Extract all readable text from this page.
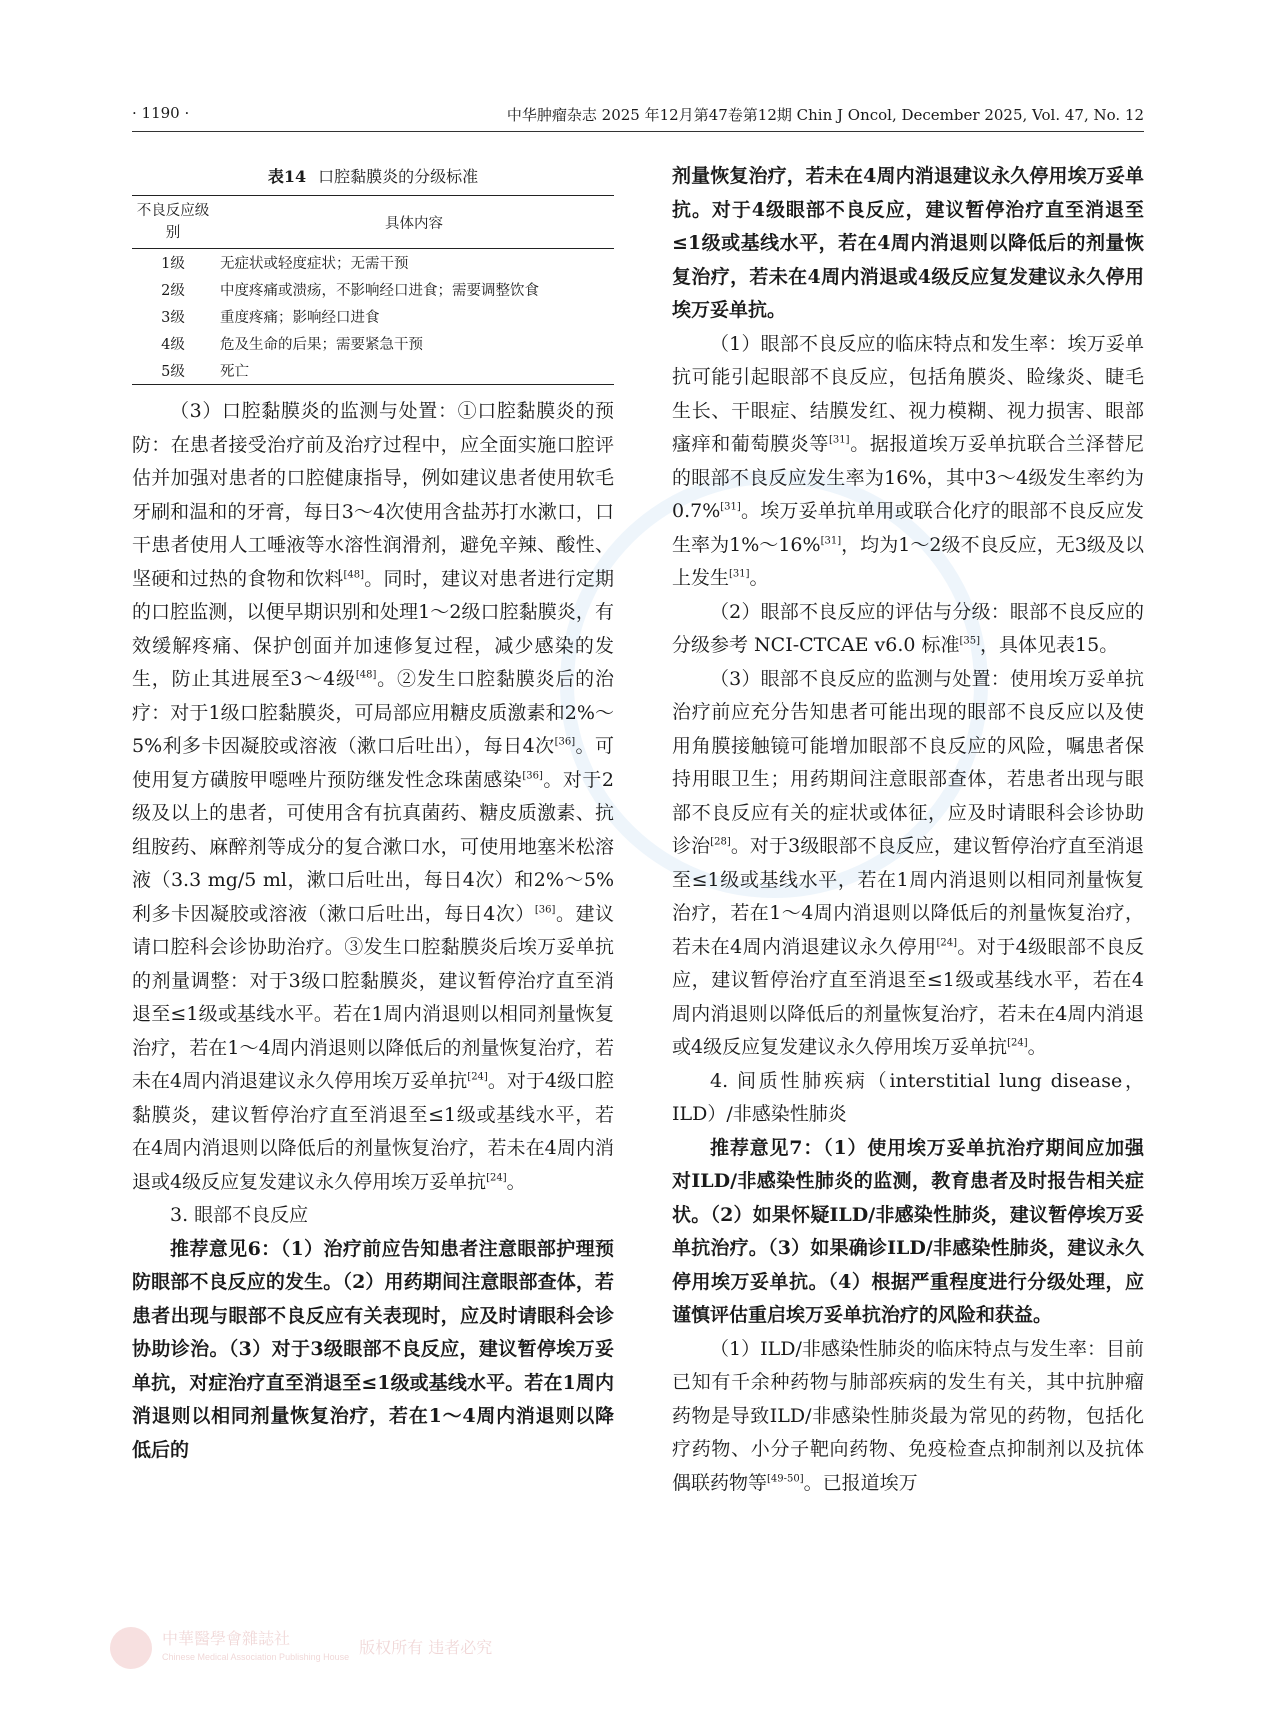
· 1190 ·	中华肿瘤杂志 2025 年12月第47卷第12期 Chin J Oncol, December 2025, Vol. 47, No. 12
表14 口腔黏膜炎的分级标准
不良反应级别	具体内容
1级	无症状或轻度症状；无需干预
2级	中度疼痛或溃疡，不影响经口进食；需要调整饮食
3级	重度疼痛；影响经口进食
4级	危及生命的后果；需要紧急干预
5级	死亡

（3）口腔黏膜炎的监测与处置：①口腔黏膜炎的预防：在患者接受治疗前及治疗过程中，应全面实施口腔评估并加强对患者的口腔健康指导，例如建议患者使用软毛牙刷和温和的牙膏，每日3～4次使用含盐苏打水漱口，口干患者使用人工唾液等水溶性润滑剂，避免辛辣、酸性、坚硬和过热的食物和饮料[48]。同时，建议对患者进行定期的口腔监测，以便早期识别和处理1～2级口腔黏膜炎，有效缓解疼痛、保护创面并加速修复过程，减少感染的发生，防止其进展至3～4级[48]。②发生口腔黏膜炎后的治疗：对于1级口腔黏膜炎，可局部应用糖皮质激素和2%～5%利多卡因凝胶或溶液（漱口后吐出），每日4次[36]。可使用复方磺胺甲噁唑片预防继发性念珠菌感染[36]。对于2级及以上的患者，可使用含有抗真菌药、糖皮质激素、抗组胺药、麻醉剂等成分的复合漱口水，可使用地塞米松溶液（3.3 mg/5 ml，漱口后吐出，每日4次）和2%～5%利多卡因凝胶或溶液（漱口后吐出，每日4次）[36]。建议请口腔科会诊协助治疗。③发生口腔黏膜炎后埃万妥单抗的剂量调整：对于3级口腔黏膜炎，建议暂停治疗直至消退至≤1级或基线水平。若在1周内消退则以相同剂量恢复治疗，若在1～4周内消退则以降低后的剂量恢复治疗，若未在4周内消退建议永久停用埃万妥单抗[24]。对于4级口腔黏膜炎，建议暂停治疗直至消退至≤1级或基线水平，若在4周内消退则以降低后的剂量恢复治疗，若未在4周内消退或4级反应复发建议永久停用埃万妥单抗[24]。

3. 眼部不良反应

推荐意见6：（1）治疗前应告知患者注意眼部护理预防眼部不良反应的发生。（2）用药期间注意眼部查体，若患者出现与眼部不良反应有关表现时，应及时请眼科会诊协助诊治。（3）对于3级眼部不良反应，建议暂停埃万妥单抗，对症治疗直至消退至≤1级或基线水平。若在1周内消退则以相同剂量恢复治疗，若在1～4周内消退则以降低后的

剂量恢复治疗，若未在4周内消退建议永久停用埃万妥单抗。对于4级眼部不良反应，建议暂停治疗直至消退至≤1级或基线水平，若在4周内消退则以降低后的剂量恢复治疗，若未在4周内消退或4级反应复发建议永久停用埃万妥单抗。

（1）眼部不良反应的临床特点和发生率：埃万妥单抗可能引起眼部不良反应，包括角膜炎、睑缘炎、睫毛生长、干眼症、结膜发红、视力模糊、视力损害、眼部瘙痒和葡萄膜炎等[31]。据报道埃万妥单抗联合兰泽替尼的眼部不良反应发生率为16%，其中3～4级发生率约为0.7%[31]。埃万妥单抗单用或联合化疗的眼部不良反应发生率为1%～16%[31]，均为1～2级不良反应，无3级及以上发生[31]。

（2）眼部不良反应的评估与分级：眼部不良反应的分级参考 NCI-CTCAE v6.0 标准[35]，具体见表15。

（3）眼部不良反应的监测与处置：使用埃万妥单抗治疗前应充分告知患者可能出现的眼部不良反应以及使用角膜接触镜可能增加眼部不良反应的风险，嘱患者保持用眼卫生；用药期间注意眼部查体，若患者出现与眼部不良反应有关的症状或体征，应及时请眼科会诊协助诊治[28]。对于3级眼部不良反应，建议暂停治疗直至消退至≤1级或基线水平，若在1周内消退则以相同剂量恢复治疗，若在1～4周内消退则以降低后的剂量恢复治疗，若未在4周内消退建议永久停用[24]。对于4级眼部不良反应，建议暂停治疗直至消退至≤1级或基线水平，若在4周内消退则以降低后的剂量恢复治疗，若未在4周内消退或4级反应复发建议永久停用埃万妥单抗[24]。

4. 间质性肺疾病（interstitial lung disease，ILD）/非感染性肺炎

推荐意见7：（1）使用埃万妥单抗治疗期间应加强对ILD/非感染性肺炎的监测，教育患者及时报告相关症状。（2）如果怀疑ILD/非感染性肺炎，建议暂停埃万妥单抗治疗。（3）如果确诊ILD/非感染性肺炎，建议永久停用埃万妥单抗。（4）根据严重程度进行分级处理，应谨慎评估重启埃万妥单抗治疗的风险和获益。

（1）ILD/非感染性肺炎的临床特点与发生率：目前已知有千余种药物与肺部疾病的发生有关，其中抗肿瘤药物是导致ILD/非感染性肺炎最为常见的药物，包括化疗药物、小分子靶向药物、免疫检查点抑制剂以及抗体偶联药物等[49-50]。已报道埃万

中華醫學會雜誌社
Chinese Medical Association Publishing House 版权所有 违者必究
